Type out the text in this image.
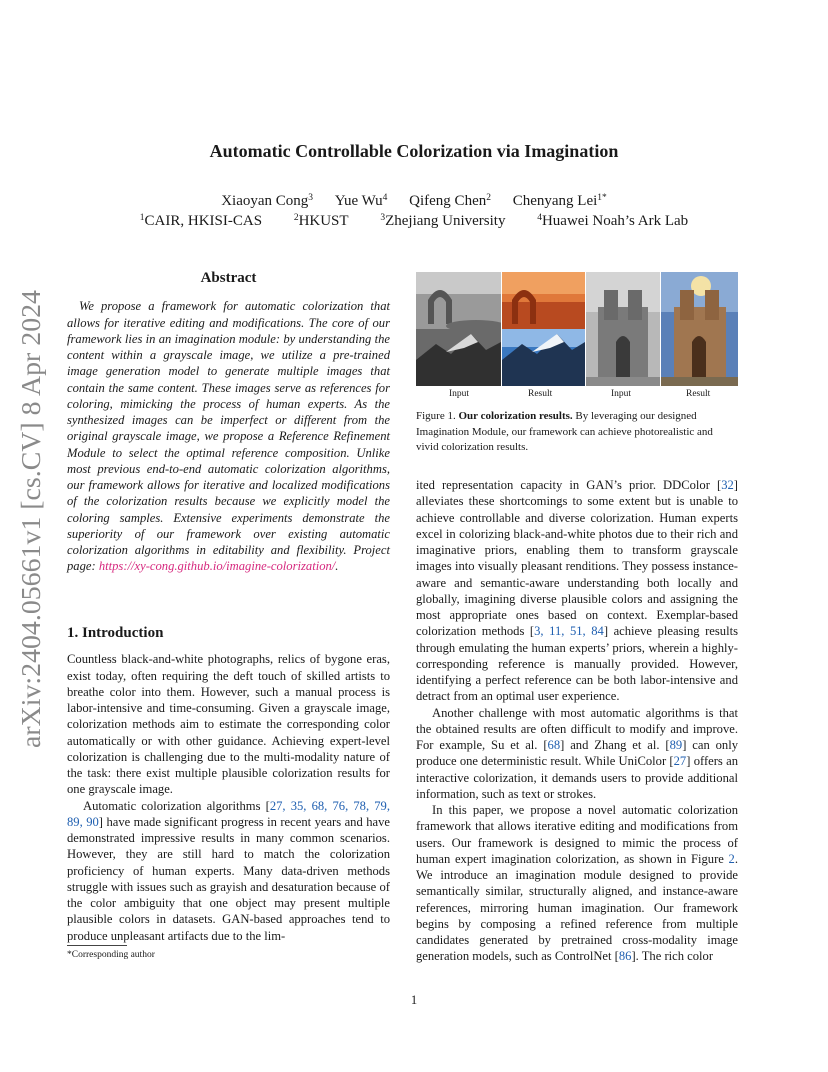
arXiv:2404.05661v1 [cs.CV] 8 Apr 2024
Automatic Controllable Colorization via Imagination
Xiaoyan Cong$^3$ Yue Wu$^4$ Qifeng Chen$^2$ Chenyang Lei$^{1*}$
$^1$CAIR, HKISI-CAS	$^2$HKUST	$^3$Zhejiang University	$^4$Huawei Noah’s Ark Lab
Abstract

We propose a framework for automatic colorization that allows for iterative editing and modifications. The core of our framework lies in an imagination module: by understanding the content within a grayscale image, we utilize a pre-trained image generation model to generate multiple images that contain the same content. These images serve as references for coloring, mimicking the process of human experts. As the synthesized images can be imperfect or different from the original grayscale image, we propose a Reference Refinement Module to select the optimal reference composition. Unlike most previous end-to-end automatic colorization algorithms, our framework allows for iterative and localized modifications of the colorization results because we explicitly model the coloring samples. Extensive experiments demonstrate the superiority of our framework over existing automatic colorization algorithms in editability and flexibility. Project page: https://xy-cong.github.io/imagine-colorization/.

1. Introduction

Countless black-and-white photographs, relics of bygone eras, exist today, often requiring the deft touch of skilled artists to breathe color into them. However, such a manual process is labor-intensive and time-consuming. Given a grayscale image, colorization methods aim to estimate the corresponding color automatically or with other guidance. Achieving expert-level colorization is challenging due to the multi-modality nature of the task: there exist multiple plausible colorization results for one grayscale image.

Automatic colorization algorithms [27, 35, 68, 76, 78, 79, 89, 90] have made significant progress in recent years and have demonstrated impressive results in many common scenarios. However, they are still hard to match the colorization proficiency of human experts. Many data-driven methods struggle with issues such as grayish and desaturation because of the color ambiguity that one object may present multiple plausible colors in datasets. GAN-based approaches tend to produce unpleasant artifacts due to the lim-

*Corresponding author
Input	Result	Input	Result
Figure 1. Our colorization results. By leveraging our designed Imagination Module, our framework can achieve photorealistic and vivid colorization results.

ited representation capacity in GAN’s prior. DDColor [32] alleviates these shortcomings to some extent but is unable to achieve controllable and diverse colorization. Human experts excel in colorizing black-and-white photos due to their rich and imaginative priors, enabling them to transform grayscale images into visually pleasant renditions. They possess instance-aware and semantic-aware understanding both locally and globally, imagining diverse plausible colors and assigning the most appropriate ones based on context. Exemplar-based colorization methods [3, 11, 51, 84] achieve pleasing results through emulating the human experts’ priors, wherein a highly-corresponding reference is manually provided. However, identifying a perfect reference can be both labor-intensive and detract from an optimal user experience.

Another challenge with most automatic algorithms is that the obtained results are often difficult to modify and improve. For example, Su et al. [68] and Zhang et al. [89] can only produce one deterministic result. While UniColor [27] offers an interactive colorization, it demands users to provide additional information, such as text or strokes.

In this paper, we propose a novel automatic colorization framework that allows iterative editing and modifications from users. Our framework is designed to mimic the process of human expert imagination colorization, as shown in Figure 2. We introduce an imagination module designed to provide semantically similar, structurally aligned, and instance-aware references, mirroring human imagination. Our framework begins by composing a refined reference from multiple candidates generated by pretrained cross-modality image generation models, such as ControlNet [86]. The rich color

1
